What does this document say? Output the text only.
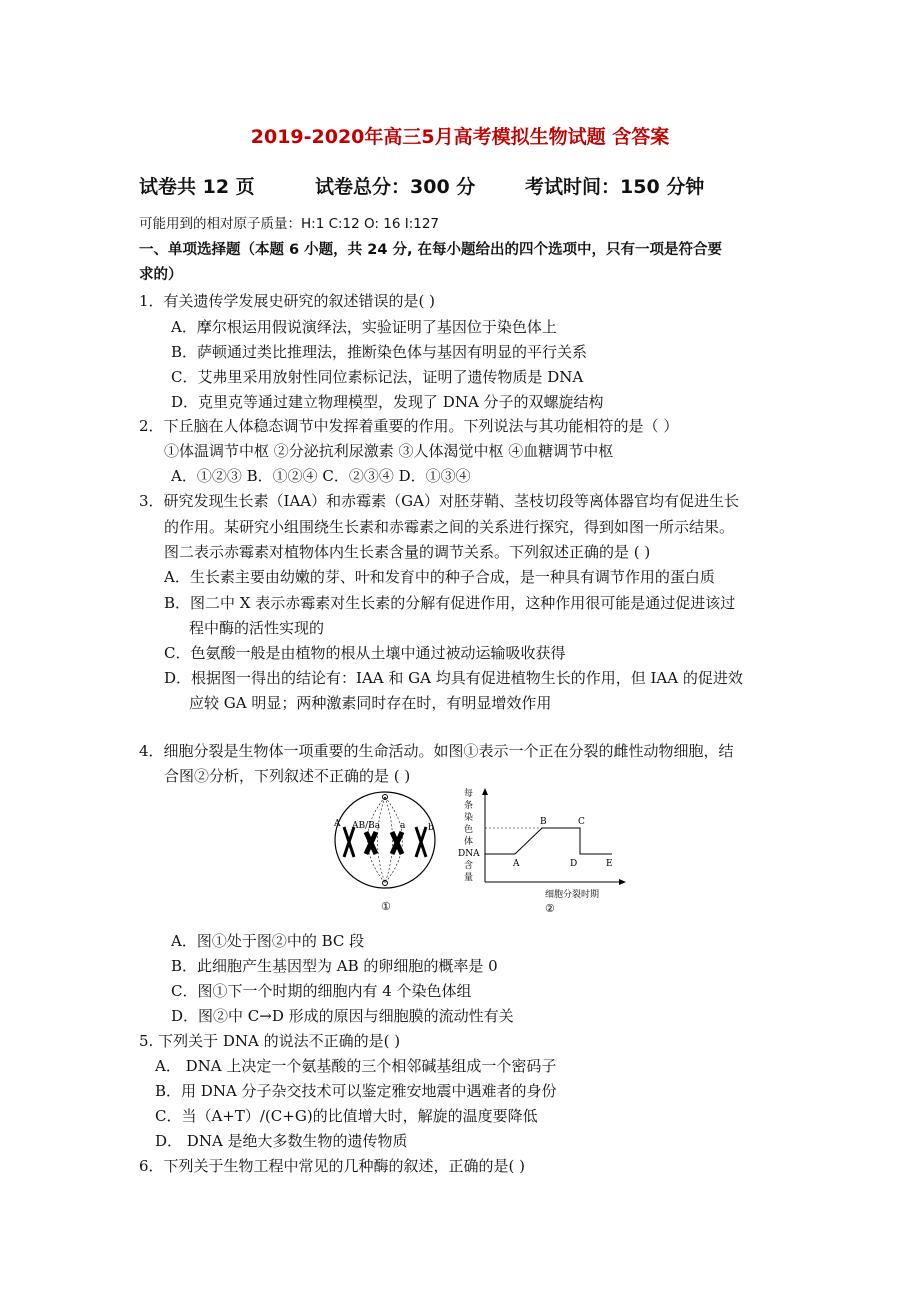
2019-2020年高三5月高考模拟生物试题 含答案
试卷共 12 页	试卷总分：300 分	考试时间：150 分钟
可能用到的相对原子质量：H:1 C:12 O: 16 I:127
一、单项选择题（本题 6 小题，共 24 分, 在每小题给出的四个选项中，只有一项是符合要
求的）
1．有关遗传学发展史研究的叙述错误的是( )
A．摩尔根运用假说演绎法，实验证明了基因位于染色体上
B．萨顿通过类比推理法，推断染色体与基因有明显的平行关系
C．艾弗里采用放射性同位素标记法，证明了遗传物质是 DNA
D．克里克等通过建立物理模型，发现了 DNA 分子的双螺旋结构
2．下丘脑在人体稳态调节中发挥着重要的作用。下列说法与其功能相符的是（ ）
①体温调节中枢 ②分泌抗利尿激素 ③人体渴觉中枢 ④血糖调节中枢
A．①②③ B．①②④ C．②③④ D．①③④
3．研究发现生长素（IAA）和赤霉素（GA）对胚芽鞘、茎枝切段等离体器官均有促进生长
的作用。某研究小组围绕生长素和赤霉素之间的关系进行探究，得到如图一所示结果。
图二表示赤霉素对植物体内生长素含量的调节关系。下列叙述正确的是 ( )
A．生长素主要由幼嫩的芽、叶和发育中的种子合成，是一种具有调节作用的蛋白质
B．图二中 X 表示赤霉素对生长素的分解有促进作用，这种作用很可能是通过促进该过
程中酶的活性实现的
C．色氨酸一般是由植物的根从土壤中通过被动运输吸收获得
D．根据图一得出的结论有：IAA 和 GA 均具有促进植物生长的作用，但 IAA 的促进效
应较 GA 明显；两种激素同时存在时，有明显增效作用
4．细胞分裂是生物体一项重要的生命活动。如图①表示一个正在分裂的雌性动物细胞，结
合图②分析，下列叙述不正确的是 ( )
A AB/Ba a	b
①
A
B	C
D	E
每 条 染 色 体 DNA 含 量
细胞分裂时期
②
A．图①处于图②中的 BC 段
B．此细胞产生基因型为 AB 的卵细胞的概率是 0
C．图①下一个时期的细胞内有 4 个染色体组
D．图②中 C→D 形成的原因与细胞膜的流动性有关
5. 下列关于 DNA 的说法不正确的是( )
A． DNA 上决定一个氨基酸的三个相邻碱基组成一个密码子
B．用 DNA 分子杂交技术可以鉴定雅安地震中遇难者的身份
C．当（A+T）/(C+G)的比值增大时，解旋的温度要降低
D． DNA 是绝大多数生物的遗传物质
6．下列关于生物工程中常见的几种酶的叙述，正确的是( )
